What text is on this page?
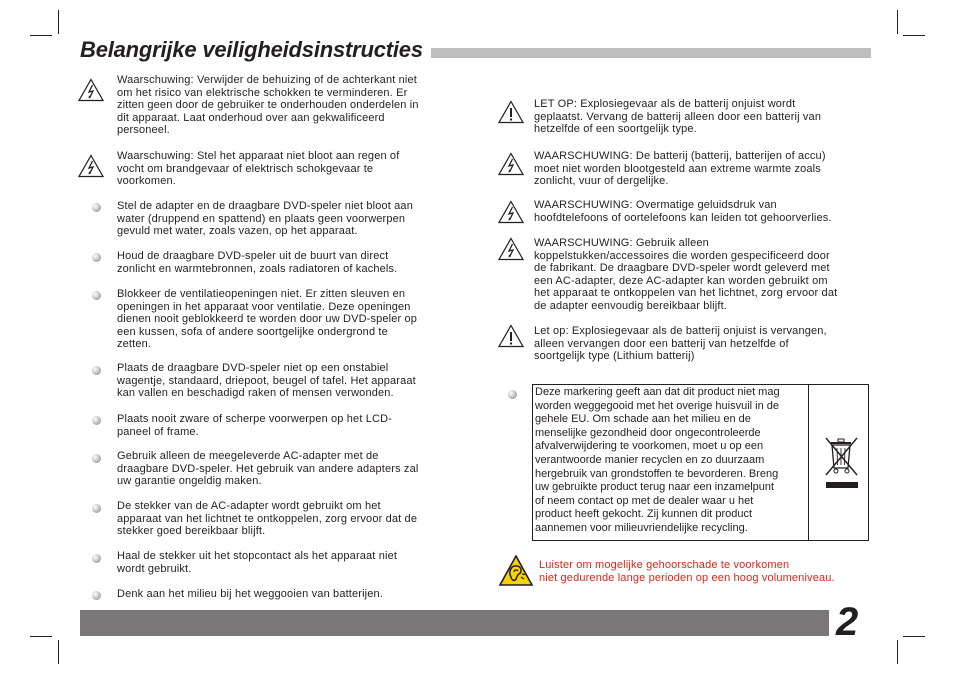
Belangrijke veiligheidsinstructies
Waarschuwing: Verwijder de behuizing of de achterkant niet
om het risico van elektrische schokken te verminderen. Er
zitten geen door de gebruiker te onderhouden onderdelen in
dit apparaat. Laat onderhoud over aan gekwalificeerd
personeel.
Waarschuwing: Stel het apparaat niet bloot aan regen of
vocht om brandgevaar of elektrisch schokgevaar te
voorkomen.
Stel de adapter en de draagbare DVD-speler niet bloot aan
water (druppend en spattend) en plaats geen voorwerpen
gevuld met water, zoals vazen, op het apparaat.
Houd de draagbare DVD-speler uit de buurt van direct
zonlicht en warmtebronnen, zoals radiatoren of kachels.
Blokkeer de ventilatieopeningen niet. Er zitten sleuven en
openingen in het apparaat voor ventilatie. Deze openingen
dienen nooit geblokkeerd te worden door uw DVD-speler op
een kussen, sofa of andere soortgelijke ondergrond te
zetten.
Plaats de draagbare DVD-speler niet op een onstabiel
wagentje, standaard, driepoot, beugel of tafel. Het apparaat
kan vallen en beschadigd raken of mensen verwonden.
Plaats nooit zware of scherpe voorwerpen op het LCD-
paneel of frame.
Gebruik alleen de meegeleverde AC-adapter met de
draagbare DVD-speler. Het gebruik van andere adapters zal
uw garantie ongeldig maken.
De stekker van de AC-adapter wordt gebruikt om het
apparaat van het lichtnet te ontkoppelen, zorg ervoor dat de
stekker goed bereikbaar blijft.
Haal de stekker uit het stopcontact als het apparaat niet
wordt gebruikt.
Denk aan het milieu bij het weggooien van batterijen.
LET OP: Explosiegevaar als de batterij onjuist wordt
geplaatst. Vervang de batterij alleen door een batterij van
hetzelfde of een soortgelijk type.
WAARSCHUWING: De batterij (batterij, batterijen of accu)
moet niet worden blootgesteld aan extreme warmte zoals
zonlicht, vuur of dergelijke.
WAARSCHUWING: Overmatige geluidsdruk van
hoofdtelefoons of oortelefoons kan leiden tot gehoorverlies.
WAARSCHUWING: Gebruik alleen
koppelstukken/accessoires die worden gespecificeerd door
de fabrikant. De draagbare DVD-speler wordt geleverd met
een AC-adapter, deze AC-adapter kan worden gebruikt om
het apparaat te ontkoppelen van het lichtnet, zorg ervoor dat
de adapter eenvoudig bereikbaar blijft.
Let op: Explosiegevaar als de batterij onjuist is vervangen,
alleen vervangen door een batterij van hetzelfde of
soortgelijk type (Lithium batterij)
Deze markering geeft aan dat dit product niet mag
worden weggegooid met het overige huisvuil in de
gehele EU. Om schade aan het milieu en de
menselijke gezondheid door ongecontroleerde
afvalverwijdering te voorkomen, moet u op een
verantwoorde manier recyclen en zo duurzaam
hergebruik van grondstoffen te bevorderen. Breng
uw gebruikte product terug naar een inzamelpunt
of neem contact op met de dealer waar u het
product heeft gekocht. Zij kunnen dit product
aannemen voor milieuvriendelijke recycling.
Luister om mogelijke gehoorschade te voorkomen
niet gedurende lange perioden op een hoog volumeniveau.
2
